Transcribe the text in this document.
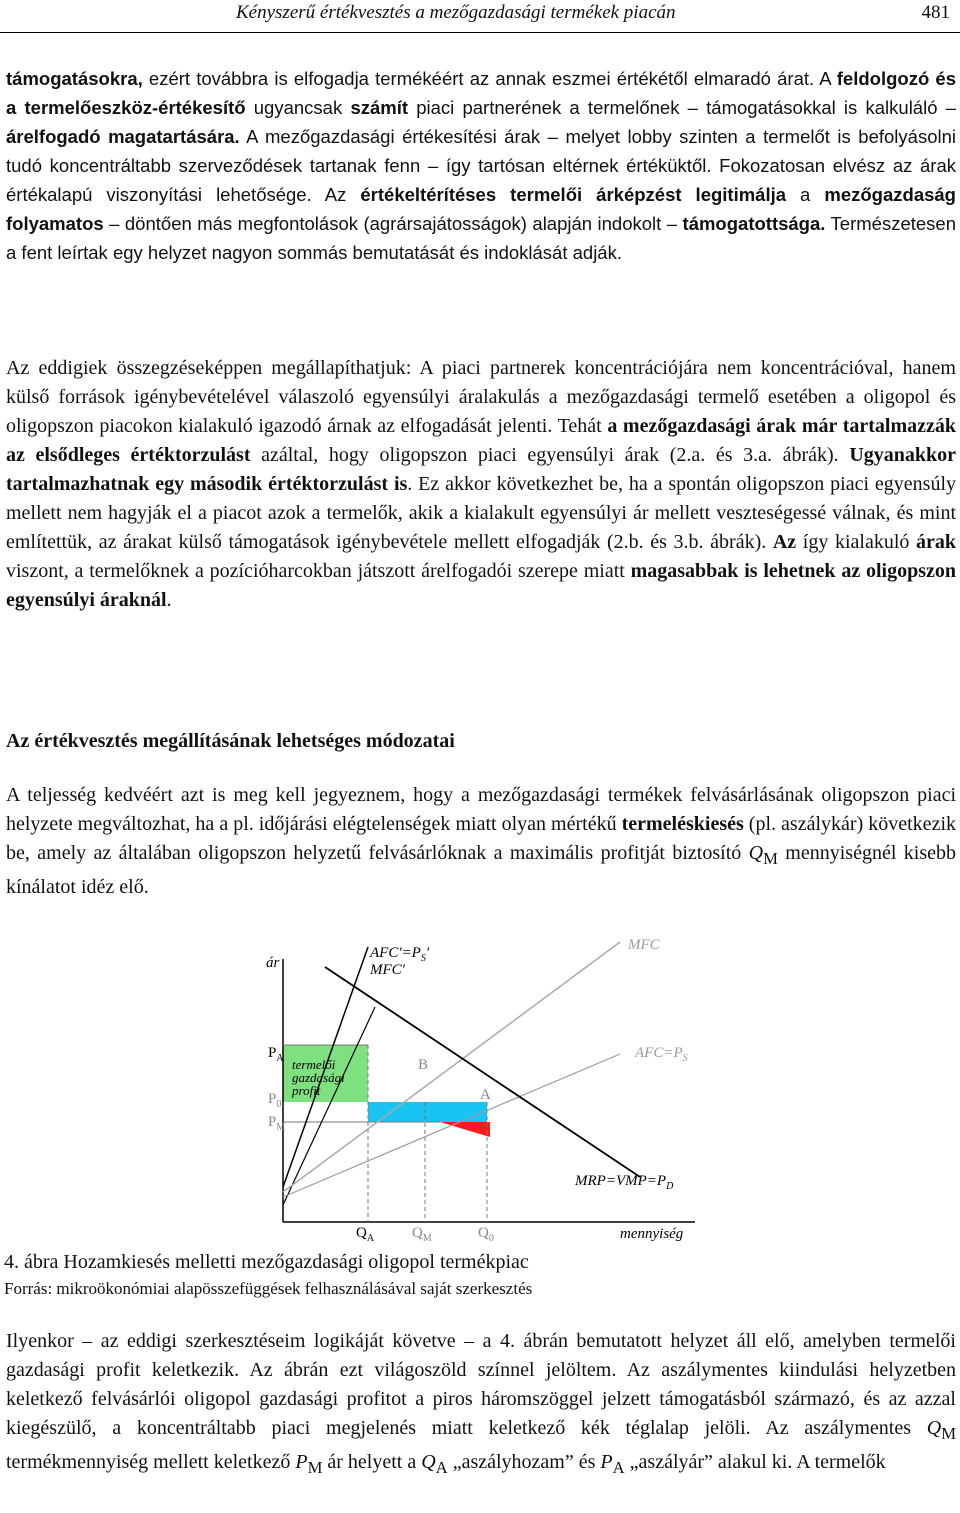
Kényszerű értékvesztés a mezőgazdasági termékek piacán	481
támogatásokra, ezért továbbra is elfogadja termékéért az annak eszmei értékétől elmaradó árat. A feldolgozó és a termelőeszköz-értékesítő ugyancsak számít piaci partnerének a termelőnek – támogatásokkal is kalkuláló – árelfogadó magatartására. A mezőgazdasági értékesítési árak – melyet lobby szinten a termelőt is befolyásolni tudó koncentráltabb szerveződések tartanak fenn – így tartósan eltérnek értéküktől. Fokozatosan elvész az árak értékalapú viszonyítási lehetősége. Az értékeltérítéses termelői árképzést legitimálja a mezőgazdaság folyamatos – döntően más megfontolások (agrársajátosságok) alapján indokolt – támogatottsága. Természetesen a fent leírtak egy helyzet nagyon sommás bemutatását és indoklását adják.
Az eddigiek összegzéseképpen megállapíthatjuk: A piaci partnerek koncentrációjára nem koncentrációval, hanem külső források igénybevételével válaszoló egyensúlyi áralakulás a mezőgazdasági termelő esetében a oligopol és oligopszon piacokon kialakuló igazodó árnak az elfogadását jelenti. Tehát a mezőgazdasági árak már tartalmazzák az elsődleges értéktorzulást azáltal, hogy oligopszon piaci egyensúlyi árak (2.a. és 3.a. ábrák). Ugyanakkor tartalmazhatnak egy második értéktorzulást is. Ez akkor következhet be, ha a spontán oligopszon piaci egyensúly mellett nem hagyják el a piacot azok a termelők, akik a kialakult egyensúlyi ár mellett veszteségessé válnak, és mint említettük, az árakat külső támogatások igénybevétele mellett elfogadják (2.b. és 3.b. ábrák). Az így kialakuló árak viszont, a termelőknek a pozícióharcokban játszott árelfogadói szerepe miatt magasabbak is lehetnek az oligopszon egyensúlyi áraknál.
Az értékvesztés megállításának lehetséges módozatai
A teljesség kedvéért azt is meg kell jegyeznem, hogy a mezőgazdasági termékek felvásárlásának oligopszon piaci helyzete megváltozhat, ha a pl. időjárási elégtelenségek miatt olyan mértékű termeléskiesés (pl. aszálykár) következik be, amely az általában oligopszon helyzetű felvásárlóknak a maximális profitját biztosító $Q_M$ mennyiségnél kisebb kínálatot idéz elő.
ár
mennyiség
$AFC'=P_S'$
MFC'
MFC
$AFC=P_S$
$MRP=VMP=P_D$
$P_A$
$P_0$
$P_M$
$Q_A$	$Q_M$	$Q_0$
B
A
termelői
gazdasági
profit
4. ábra Hozamkiesés melletti mezőgazdasági oligopol termékpiac
Forrás: mikroökonómiai alapösszefüggések felhasználásával saját szerkesztés
Ilyenkor – az eddigi szerkesztéseim logikáját követve – a 4. ábrán bemutatott helyzet áll elő, amelyben termelői gazdasági profit keletkezik. Az ábrán ezt világoszöld színnel jelöltem. Az aszálymentes kiindulási helyzetben keletkező felvásárlói oligopol gazdasági profitot a piros háromszöggel jelzett támogatásból származó, és az azzal kiegészülő, a koncentráltabb piaci megjelenés miatt keletkező kék téglalap jelöli. Az aszálymentes $Q_M$ termékmennyiség mellett keletkező $P_M$ ár helyett a $Q_A$ „aszályhozam” és $P_A$ „aszályár” alakul ki. A termelők
